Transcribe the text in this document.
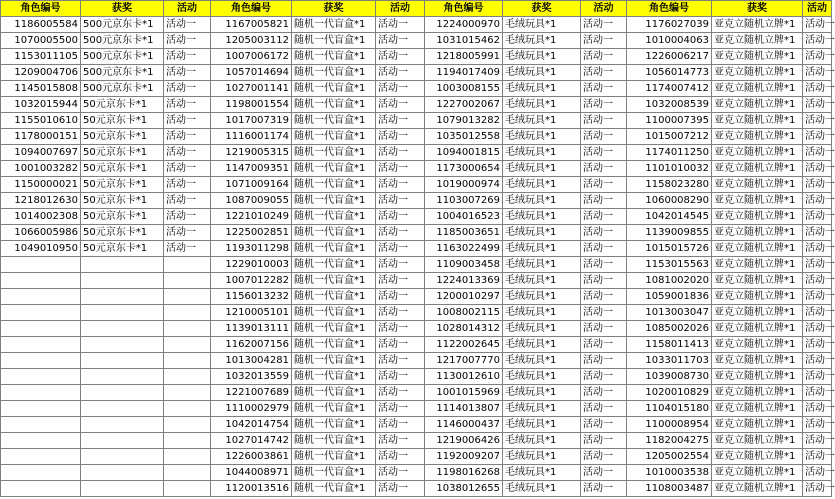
角色编号	获奖	活动	角色编号	获奖	活动	角色编号	获奖	活动	角色编号	获奖	活动
1186005584	500元京东卡*1	活动一	1167005821	随机一代盲盒*1	活动一	1224000970	毛绒玩具*1	活动一	1176027039	亚克立随机立牌*1	活动一
1070005500	500元京东卡*1	活动一	1205003112	随机一代盲盒*1	活动一	1031015462	毛绒玩具*1	活动一	1010004063	亚克立随机立牌*1	活动一
1153011105	500元京东卡*1	活动一	1007006172	随机一代盲盒*1	活动一	1218005991	毛绒玩具*1	活动一	1226006217	亚克立随机立牌*1	活动一
1209004706	500元京东卡*1	活动一	1057014694	随机一代盲盒*1	活动一	1194017409	毛绒玩具*1	活动一	1056014773	亚克立随机立牌*1	活动一
1145015808	500元京东卡*1	活动一	1027001141	随机一代盲盒*1	活动一	1003008155	毛绒玩具*1	活动一	1174007412	亚克立随机立牌*1	活动一
1032015944	50元京东卡*1	活动一	1198001554	随机一代盲盒*1	活动一	1227002067	毛绒玩具*1	活动一	1032008539	亚克立随机立牌*1	活动一
1155010610	50元京东卡*1	活动一	1017007319	随机一代盲盒*1	活动一	1079013282	毛绒玩具*1	活动一	1100007395	亚克立随机立牌*1	活动一
1178000151	50元京东卡*1	活动一	1116001174	随机一代盲盒*1	活动一	1035012558	毛绒玩具*1	活动一	1015007212	亚克立随机立牌*1	活动一
1094007697	50元京东卡*1	活动一	1219005315	随机一代盲盒*1	活动一	1094001815	毛绒玩具*1	活动一	1174011250	亚克立随机立牌*1	活动一
1001003282	50元京东卡*1	活动一	1147009351	随机一代盲盒*1	活动一	1173000654	毛绒玩具*1	活动一	1101010032	亚克立随机立牌*1	活动一
1150000021	50元京东卡*1	活动一	1071009164	随机一代盲盒*1	活动一	1019000974	毛绒玩具*1	活动一	1158023280	亚克立随机立牌*1	活动一
1218012630	50元京东卡*1	活动一	1087009055	随机一代盲盒*1	活动一	1103007269	毛绒玩具*1	活动一	1060008290	亚克立随机立牌*1	活动一
1014002308	50元京东卡*1	活动一	1221010249	随机一代盲盒*1	活动一	1004016523	毛绒玩具*1	活动一	1042014545	亚克立随机立牌*1	活动一
1066005986	50元京东卡*1	活动一	1225002851	随机一代盲盒*1	活动一	1185003651	毛绒玩具*1	活动一	1139009855	亚克立随机立牌*1	活动一
1049010950	50元京东卡*1	活动一	1193011298	随机一代盲盒*1	活动一	1163022499	毛绒玩具*1	活动一	1015015726	亚克立随机立牌*1	活动一
			1229010003	随机一代盲盒*1	活动一	1109003458	毛绒玩具*1	活动一	1153015563	亚克立随机立牌*1	活动一
			1007012282	随机一代盲盒*1	活动一	1224013369	毛绒玩具*1	活动一	1081002020	亚克立随机立牌*1	活动一
			1156013232	随机一代盲盒*1	活动一	1200010297	毛绒玩具*1	活动一	1059001836	亚克立随机立牌*1	活动一
			1210005101	随机一代盲盒*1	活动一	1008002115	毛绒玩具*1	活动一	1013003047	亚克立随机立牌*1	活动一
			1139013111	随机一代盲盒*1	活动一	1028014312	毛绒玩具*1	活动一	1085002026	亚克立随机立牌*1	活动一
			1162007156	随机一代盲盒*1	活动一	1122002645	毛绒玩具*1	活动一	1158011413	亚克立随机立牌*1	活动一
			1013004281	随机一代盲盒*1	活动一	1217007770	毛绒玩具*1	活动一	1033011703	亚克立随机立牌*1	活动一
			1032013559	随机一代盲盒*1	活动一	1130012610	毛绒玩具*1	活动一	1039008730	亚克立随机立牌*1	活动一
			1221007689	随机一代盲盒*1	活动一	1001015969	毛绒玩具*1	活动一	1020010829	亚克立随机立牌*1	活动一
			1110002979	随机一代盲盒*1	活动一	1114013807	毛绒玩具*1	活动一	1104015180	亚克立随机立牌*1	活动一
			1042014754	随机一代盲盒*1	活动一	1146000437	毛绒玩具*1	活动一	1100008954	亚克立随机立牌*1	活动一
			1027014742	随机一代盲盒*1	活动一	1219006426	毛绒玩具*1	活动一	1182004275	亚克立随机立牌*1	活动一
			1226003861	随机一代盲盒*1	活动一	1192009207	毛绒玩具*1	活动一	1205002554	亚克立随机立牌*1	活动一
			1044008971	随机一代盲盒*1	活动一	1198016268	毛绒玩具*1	活动一	1010003538	亚克立随机立牌*1	活动一
			1120013516	随机一代盲盒*1	活动一	1038012655	毛绒玩具*1	活动一	1108003487	亚克立随机立牌*1	活动一
